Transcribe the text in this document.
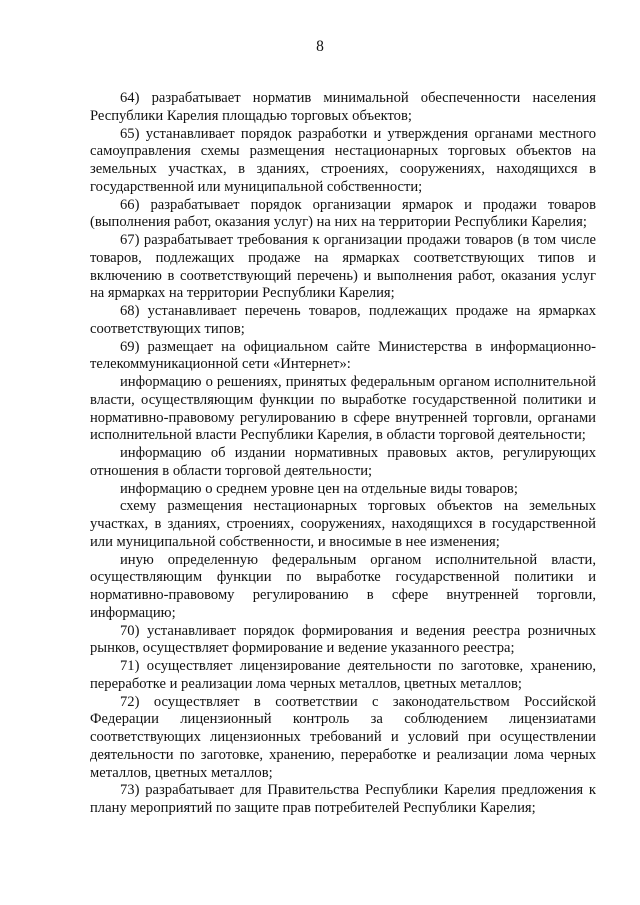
8

64) разрабатывает норматив минимальной обеспеченности населения Республики Карелия площадью торговых объектов;

65) устанавливает порядок разработки и утверждения органами местного самоуправления схемы размещения нестационарных торговых объектов на земельных участках, в зданиях, строениях, сооружениях, находящихся в государственной или муниципальной собственности;

66) разрабатывает порядок организации ярмарок и продажи товаров (выполнения работ, оказания услуг) на них на территории Республики Карелия;

67) разрабатывает требования к организации продажи товаров (в том числе товаров, подлежащих продаже на ярмарках соответствующих типов и включению в соответствующий перечень) и выполнения работ, оказания услуг на ярмарках на территории Республики Карелия;

68) устанавливает перечень товаров, подлежащих продаже на ярмарках соответствующих типов;

69) размещает на официальном сайте Министерства в информационно-телекоммуникационной сети «Интернет»:

информацию о решениях, принятых федеральным органом исполнительной власти, осуществляющим функции по выработке государственной политики и нормативно-правовому регулированию в сфере внутренней торговли, органами исполнительной власти Республики Карелия, в области торговой деятельности;

информацию об издании нормативных правовых актов, регулирующих отношения в области торговой деятельности;

информацию о среднем уровне цен на отдельные виды товаров;

схему размещения нестационарных торговых объектов на земельных участках, в зданиях, строениях, сооружениях, находящихся в государственной или муниципальной собственности, и вносимые в нее изменения;

иную определенную федеральным органом исполнительной власти, осуществляющим функции по выработке государственной политики и нормативно-правовому регулированию в сфере внутренней торговли, информацию;

70) устанавливает порядок формирования и ведения реестра розничных рынков, осуществляет формирование и ведение указанного реестра;

71) осуществляет лицензирование деятельности по заготовке, хранению, переработке и реализации лома черных металлов, цветных металлов;

72) осуществляет в соответствии с законодательством Российской Федерации лицензионный контроль за соблюдением лицензиатами соответствующих лицензионных требований и условий при осуществлении деятельности по заготовке, хранению, переработке и реализации лома черных металлов, цветных металлов;

73) разрабатывает для Правительства Республики Карелия предложения к плану мероприятий по защите прав потребителей Республики Карелия;
